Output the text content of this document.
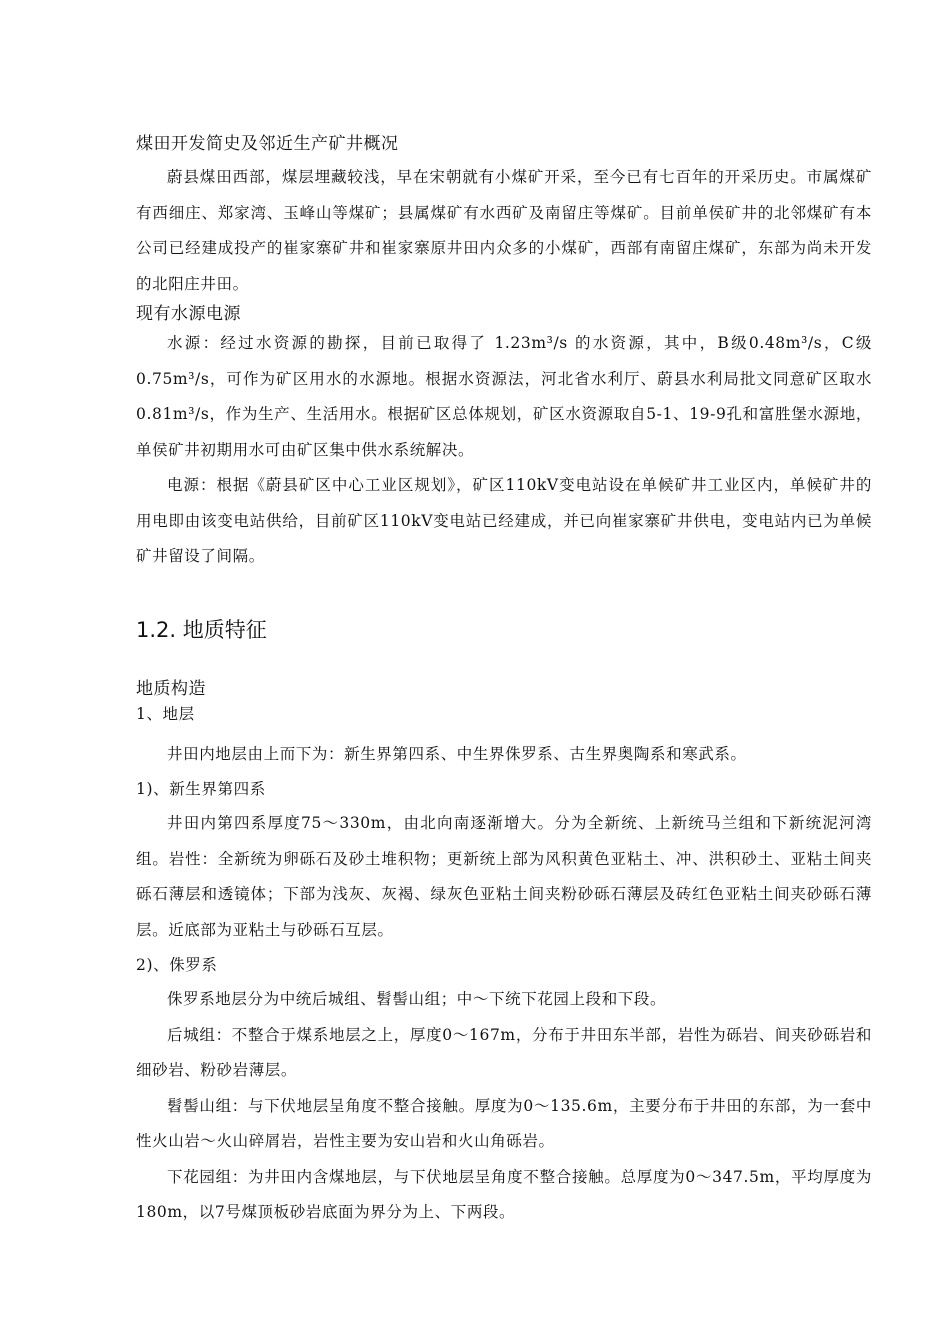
煤田开发简史及邻近生产矿井概况

蔚县煤田西部，煤层埋藏较浅，早在宋朝就有小煤矿开采，至今已有七百年的开采历史。市属煤矿有西细庄、郑家湾、玉峰山等煤矿；县属煤矿有水西矿及南留庄等煤矿。目前单侯矿井的北邻煤矿有本公司已经建成投产的崔家寨矿井和崔家寨原井田内众多的小煤矿，西部有南留庄煤矿，东部为尚未开发的北阳庄井田。

现有水源电源

水源：经过水资源的勘探，目前已取得了 1.23m³/s 的水资源，其中，B级0.48m³/s，C级0.75m³/s，可作为矿区用水的水源地。根据水资源法，河北省水利厅、蔚县水利局批文同意矿区取水0.81m³/s，作为生产、生活用水。根据矿区总体规划，矿区水资源取自5-1、19-9孔和富胜堡水源地，单侯矿井初期用水可由矿区集中供水系统解决。

电源：根据《蔚县矿区中心工业区规划》，矿区110kV变电站设在单候矿井工业区内，单候矿井的用电即由该变电站供给，目前矿区110kV变电站已经建成，并已向崔家寨矿井供电，变电站内已为单候矿井留设了间隔。

1.2. 地质特征

地质构造

1、地层

井田内地层由上而下为：新生界第四系、中生界侏罗系、古生界奥陶系和寒武系。

1)、新生界第四系

井田内第四系厚度75～330m，由北向南逐渐增大。分为全新统、上新统马兰组和下新统泥河湾组。岩性：全新统为卵砾石及砂土堆积物；更新统上部为风积黄色亚粘土、冲、洪积砂土、亚粘土间夹砾石薄层和透镜体；下部为浅灰、灰褐、绿灰色亚粘土间夹粉砂砾石薄层及砖红色亚粘土间夹砂砾石薄层。近底部为亚粘土与砂砾石互层。

2)、侏罗系

侏罗系地层分为中统后城组、髫髻山组；中～下统下花园上段和下段。

后城组：不整合于煤系地层之上，厚度0～167m，分布于井田东半部，岩性为砾岩、间夹砂砾岩和细砂岩、粉砂岩薄层。

髫髻山组：与下伏地层呈角度不整合接触。厚度为0～135.6m，主要分布于井田的东部，为一套中性火山岩～火山碎屑岩，岩性主要为安山岩和火山角砾岩。

下花园组：为井田内含煤地层，与下伏地层呈角度不整合接触。总厚度为0～347.5m，平均厚度为180m，以7号煤顶板砂岩底面为界分为上、下两段。
